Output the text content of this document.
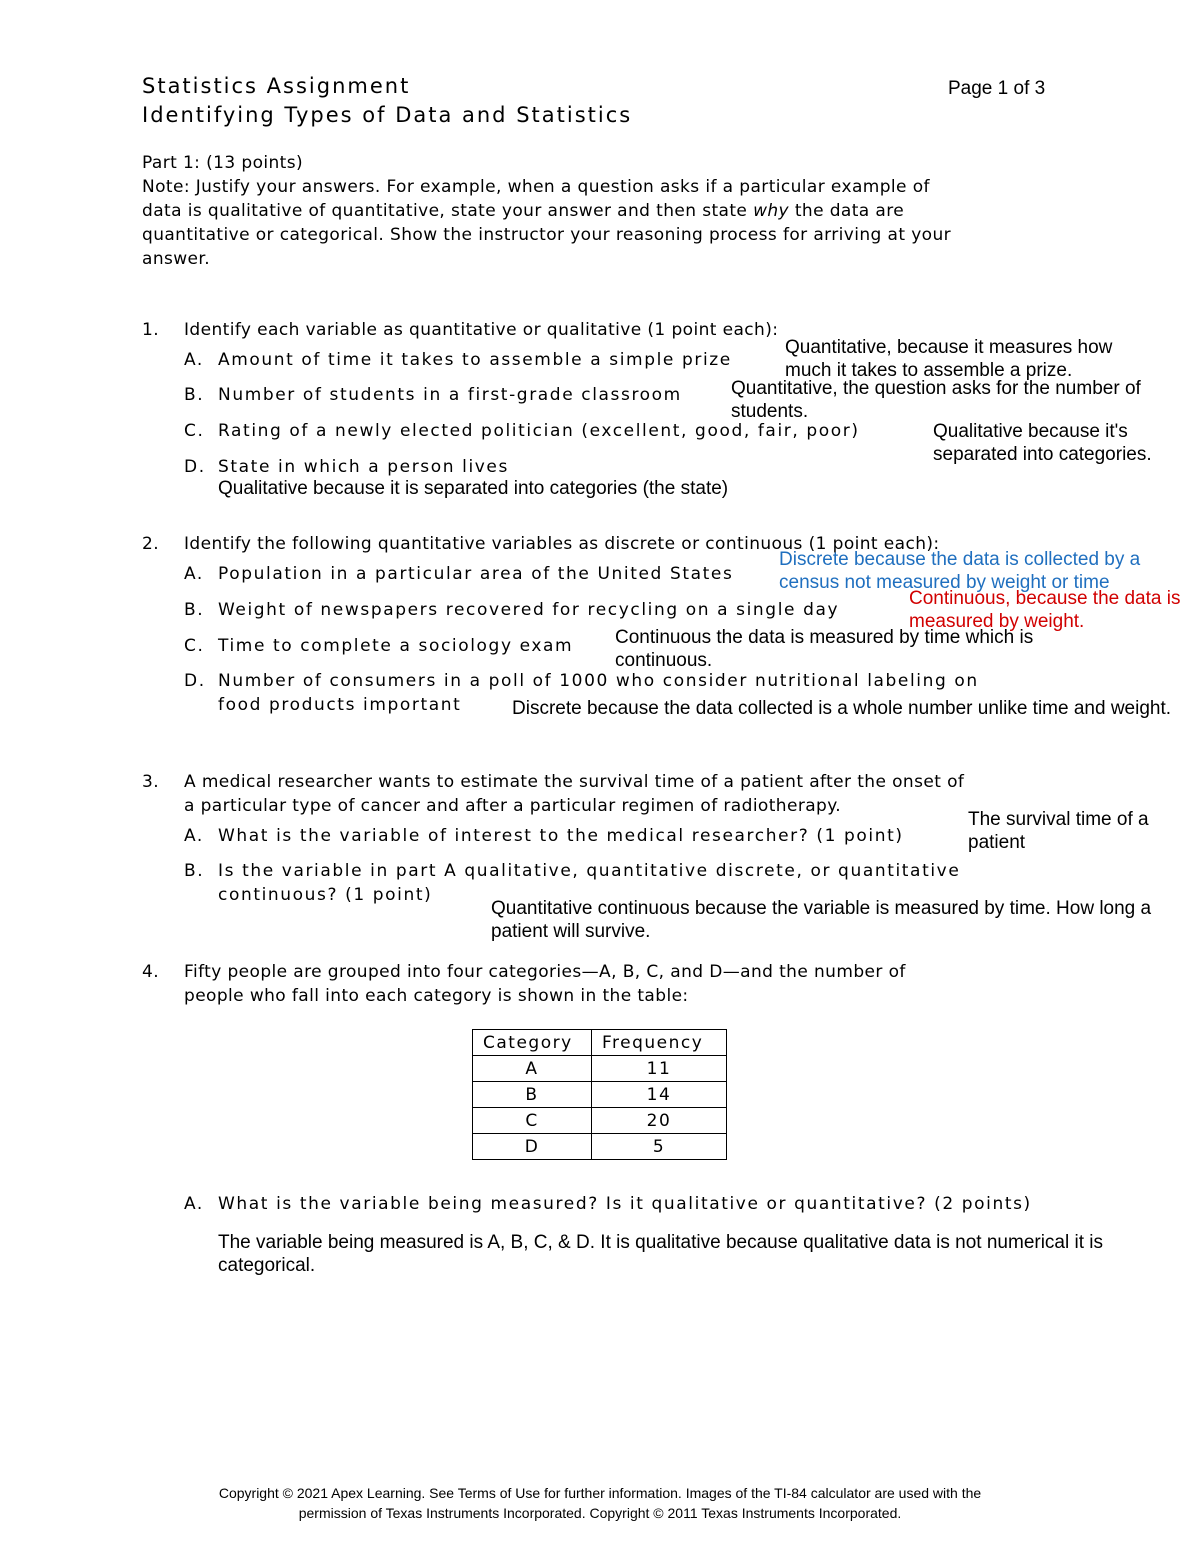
Statistics Assignment
Identifying Types of Data and Statistics
Page 1 of 3
Part 1: (13 points)
Note: Justify your answers. For example, when a question asks if a particular example of
data is qualitative of quantitative, state your answer and then state why the data are
quantitative or categorical. Show the instructor your reasoning process for arriving at your
answer.
1. Identify each variable as quantitative or qualitative (1 point each):
A. Amount of time it takes to assemble a simple prize
Quantitative, because it measures how much it takes to assemble a prize.
B. Number of students in a first-grade classroom	Quantitative, the question asks for the number of students.
C. Rating of a newly elected politician (excellent, good, fair, poor)	Qualitative because it's separated into categories.
D. State in which a person lives
Qualitative because it is separated into categories (the state)
2. Identify the following quantitative variables as discrete or continuous (1 point each):
A. Population in a particular area of the United States
Discrete because the data is collected by a census not measured by weight or time
B. Weight of newspapers recovered for recycling on a single day
Continuous, because the data is measured by weight.
C. Time to complete a sociology exam Continuous the data is measured by time which is continuous.
D. Number of consumers in a poll of 1000 who consider nutritional labeling on
food products important	Discrete because the data collected is a whole number unlike time and weight.
3. A medical researcher wants to estimate the survival time of a patient after the onset of
a particular type of cancer and after a particular regimen of radiotherapy.
A. What is the variable of interest to the medical researcher? (1 point)
The survival time of a patient
B. Is the variable in part A qualitative, quantitative discrete, or quantitative
continuous? (1 point)
Quantitative continuous because the variable is measured by time. How long a patient will survive.
4. Fifty people are grouped into four categories—A, B, C, and D—and the number of
people who fall into each category is shown in the table:
Category	Frequency
A	11
B	14
C	20
D	5
A. What is the variable being measured? Is it qualitative or quantitative? (2 points)
The variable being measured is A, B, C, & D. It is qualitative because qualitative data is not numerical it is categorical.
Copyright © 2021 Apex Learning. See Terms of Use for further information. Images of the TI-84 calculator are used with the
permission of Texas Instruments Incorporated. Copyright © 2011 Texas Instruments Incorporated.
